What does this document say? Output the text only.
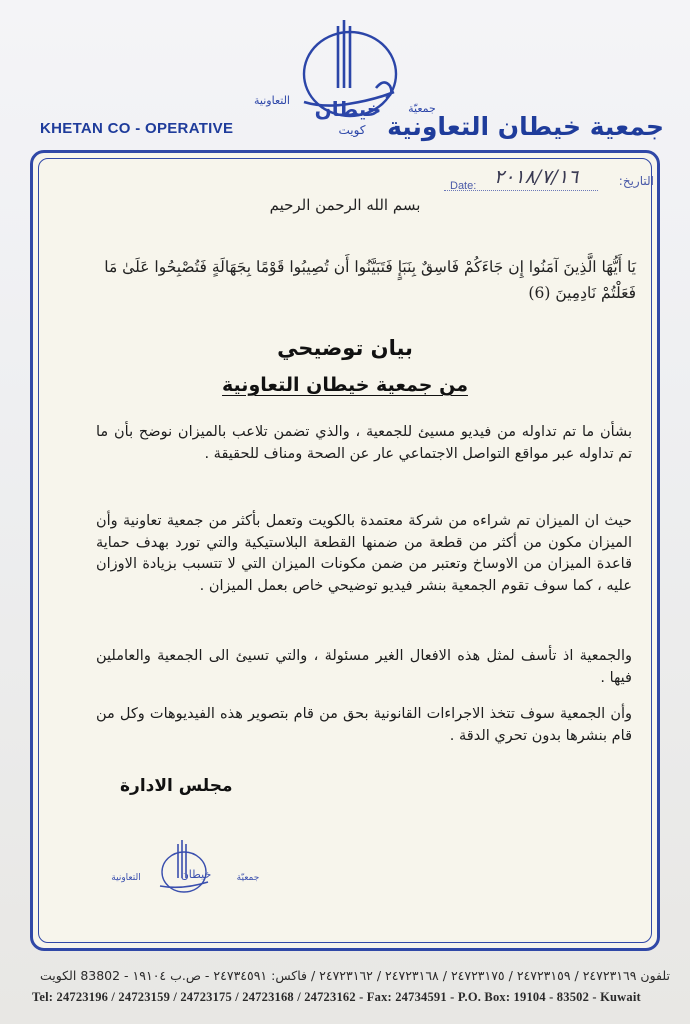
خيطان جمعيّة
التعاونية
كويت
KHETAN CO - OPERATIVE	جمعية خيطان التعاونية
التاريخ:
Date: ٢٠١٨/٧/١٦
بسم الله الرحمن الرحيم
يَا أَيُّهَا الَّذِينَ آمَنُوا إِن جَاءَكُمْ فَاسِقٌ بِنَبَإٍ فَتَبَيَّنُوا أَن تُصِيبُوا قَوْمًا بِجَهَالَةٍ فَتُصْبِحُوا عَلَىٰ مَا فَعَلْتُمْ نَادِمِينَ (6)
بيان توضيحي
من جمعية خيطان التعاونية
بشأن ما تم تداوله من فيديو مسيئ للجمعية ، والذي تضمن تلاعب بالميزان نوضح بأن ما تم تداوله عبر مواقع التواصل الاجتماعي عار عن الصحة ومناف للحقيقة .
حيث ان الميزان تم شراءه من شركة معتمدة بالكويت وتعمل بأكثر من جمعية تعاونية وأن الميزان مكون من أكثر من قطعة من ضمنها القطعة البلاستيكية والتي تورد بهدف حماية قاعدة الميزان من الاوساخ وتعتبر من ضمن مكونات الميزان التي لا تتسبب بزيادة الاوزان عليه ، كما سوف تقوم الجمعية بنشر فيديو توضيحي خاص بعمل الميزان .
والجمعية اذ تأسف لمثل هذه الافعال الغير مسئولة ، والتي تسيئ الى الجمعية والعاملين فيها .
وأن الجمعية سوف تتخذ الاجراءات القانونية بحق من قام بتصوير هذه الفيديوهات وكل من قام بنشرها بدون تحري الدقة .
مجلس الادارة
جمعيّة
التعاونية	خيطان
تلفون ٢٤٧٢٣١٦٩ / ٢٤٧٢٣١٥٩ / ٢٤٧٢٣١٧٥ / ٢٤٧٢٣١٦٨ / ٢٤٧٢٣١٦٢ / فاكس: ٢٤٧٣٤٥٩١ - ص.ب ١٩١٠٤ - 83802 الكويت
Tel: 24723196 / 24723159 / 24723175 / 24723168 / 24723162 - Fax: 24734591 - P.O. Box: 19104 - 83502 - Kuwait
